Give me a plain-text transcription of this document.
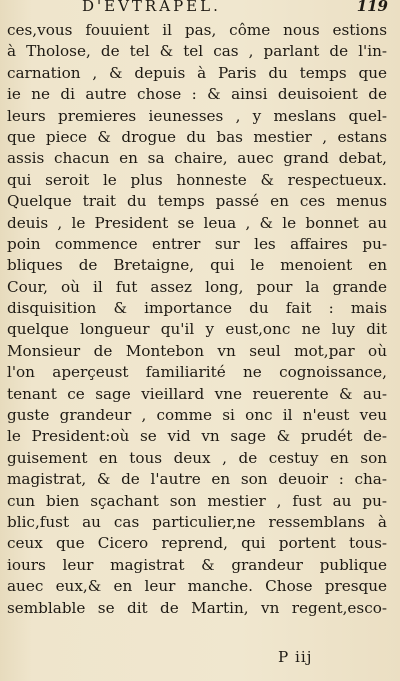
D'EVTRAPEL.	119
ces,vous fouuient il pas, côme nous estions
à Tholose, de tel & tel cas , parlant de l'in-
carnation , & depuis à Paris du temps que
ie ne di autre chose : & ainsi deuisoient de
leurs premieres ieunesses , y meslans quel-
que piece & drogue du bas mestier , estans
assis chacun en sa chaire, auec grand debat,
qui seroit le plus honneste & respectueux.
Quelque trait du temps passé en ces menus
deuis , le President se leua , & le bonnet au
poin commence entrer sur les affaires pu-
bliques de Bretaigne, qui le menoient en
Cour, où il fut assez long, pour la grande
disquisition & importance du fait : mais
quelque longueur qu'il y eust,onc ne luy dit
Monsieur de Montebon vn seul mot,par où
l'on aperçeust familiarité ne cognoissance,
tenant ce sage vieillard vne reuerente & au-
guste grandeur , comme si onc il n'eust veu
le President:où se vid vn sage & prudét de-
guisement en tous deux , de cestuy en son
magistrat, & de l'autre en son deuoir : cha-
cun bien sçachant son mestier , fust au pu-
blic,fust au cas particulier,ne ressemblans à
ceux que Cicero reprend, qui portent tous-
iours leur magistrat & grandeur publique
auec eux,& en leur manche. Chose presque
semblable se dit de Martin, vn regent,esco-
P iij
